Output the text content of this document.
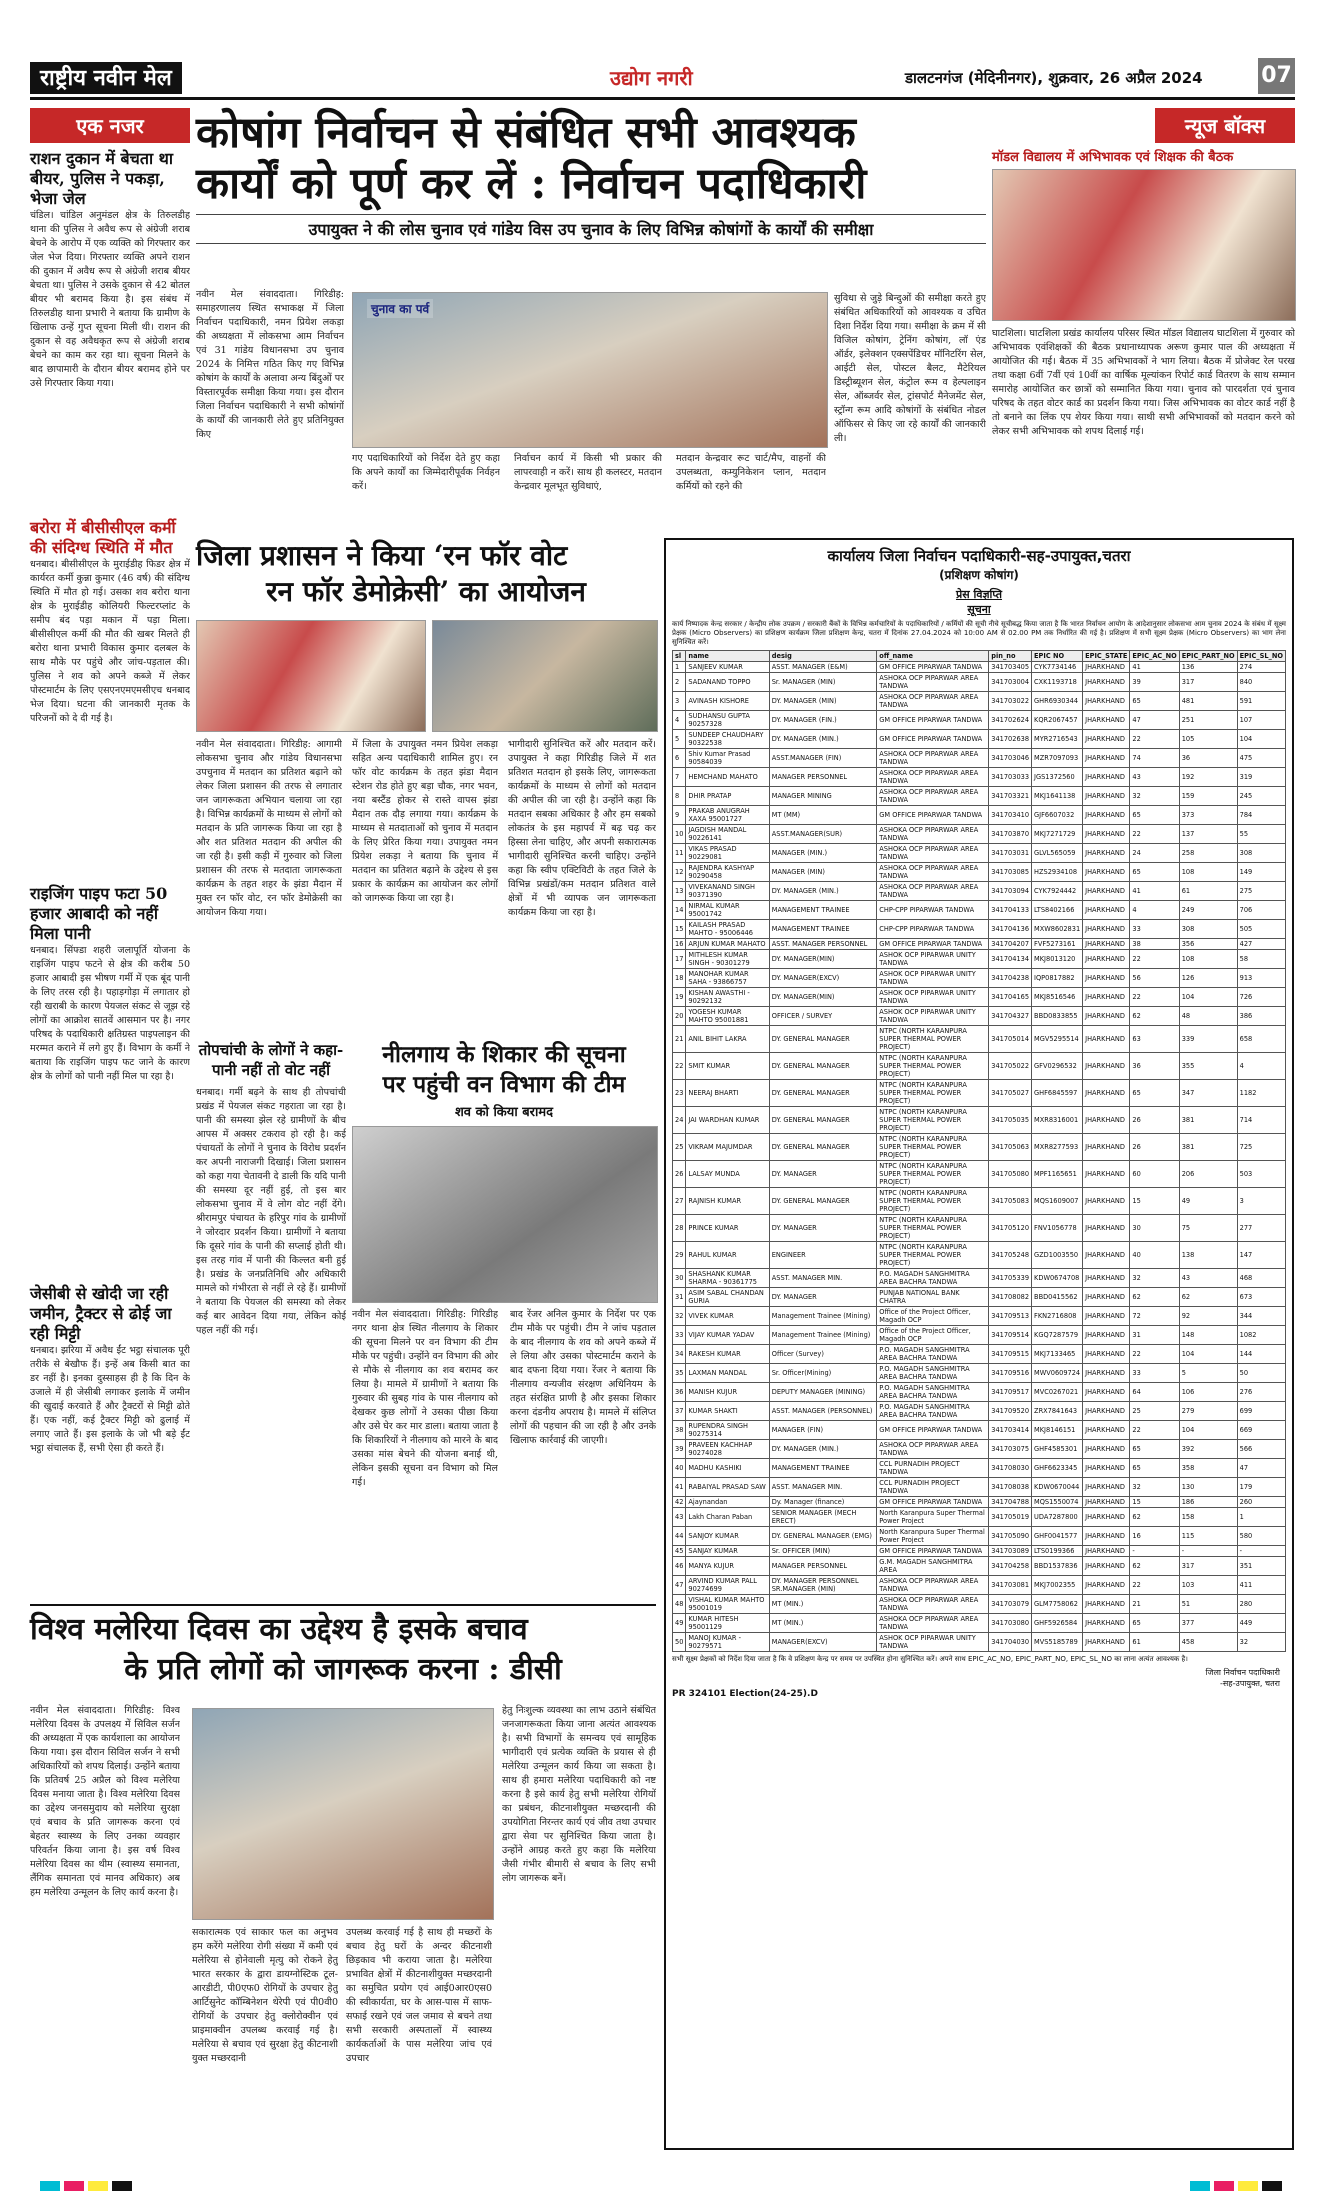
राष्ट्रीय नवीन मेल	उद्योग नगरी	डालटनगंज (मेदिनीनगर), शुक्रवार, 26 अप्रैल 2024	07
एक नजर
राशन दुकान में बेचता था बीयर, पुलिस ने पकड़ा, भेजा जेल
चंडिल। चांडिल अनुमंडल क्षेत्र के तिरुलडीह थाना की पुलिस ने अवैध रूप से अंग्रेजी शराब बेचने के आरोप में एक व्यक्ति को गिरफ्तार कर जेल भेज दिया। गिरफ्तार व्यक्ति अपने राशन की दुकान में अवैध रूप से अंग्रेजी शराब बीयर बेचता था। पुलिस ने उसके दुकान से 42 बोतल बीयर भी बरामद किया है। इस संबंध में तिरुलडीह थाना प्रभारी ने बताया कि ग्रामीण के खिलाफ उन्हें गुप्त सूचना मिली थी। राशन की दुकान से वह अवैधकृत रूप से अंग्रेजी शराब बेचने का काम कर रहा था। सूचना मिलने के बाद छापामारी के दौरान बीयर बरामद होने पर उसे गिरफ्तार किया गया।
बरोरा में बीसीसीएल कर्मी की संदिग्ध स्थिति में मौत
धनबाद। बीसीसीएल के मुराईडीह फिडर क्षेत्र में कार्यरत कर्मी कुन्ना कुमार (46 वर्ष) की संदिग्ध स्थिति में मौत हो गई। उसका शव बरोरा थाना क्षेत्र के मुराईडीह कोलियरी फिल्टरप्लांट के समीप बंद पड़ा मकान में पड़ा मिला। बीसीसीएल कर्मी की मौत की खबर मिलते ही बरोरा थाना प्रभारी विकास कुमार दलबल के साथ मौके पर पहुंचे और जांच-पड़ताल की। पुलिस ने शव को अपने कब्जे में लेकर पोस्टमार्टम के लिए एसएनएमएमसीएच धनबाद भेज दिया। घटना की जानकारी मृतक के परिजनों को दे दी गई है।
राइजिंग पाइप फटा 50 हजार आबादी को नहीं मिला पानी
धनबाद। सिंफ्डा शहरी जलापूर्ति योजना के राइजिंग पाइप फटने से क्षेत्र की करीब 50 हजार आबादी इस भीषण गर्मी में एक बूंद पानी के लिए तरस रही है। पहाड़गोड़ा में लगातार हो रही खराबी के कारण पेयजल संकट से जूझ रहे लोगों का आक्रोश सातवें आसमान पर है। नगर परिषद के पदाधिकारी क्षतिग्रस्त पाइपलाइन की मरम्मत कराने में लगे हुए हैं। विभाग के कर्मी ने बताया कि राइजिंग पाइप फट जाने के कारण क्षेत्र के लोगों को पानी नहीं मिल पा रहा है।
जेसीबी से खोदी जा रही जमीन, ट्रैक्टर से ढोई जा रही मिट्टी
धनबाद। झरिया में अवैध ईंट भट्ठा संचालक पूरी तरीके से बेखौफ हैं। इन्हें अब किसी बात का डर नहीं है। इनका दुस्साहस ही है कि दिन के उजाले में ही जेसीबी लगाकर इलाके में जमीन की खुदाई करवाते हैं और ट्रैक्टरों से मिट्टी ढोते हैं। एक नहीं, कई ट्रैक्टर मिट्टी को ढुलाई में लगाए जाते हैं। इस इलाके के जो भी बड़े ईंट भट्ठा संचालक हैं, सभी ऐसा ही करते हैं।
कोषांग निर्वाचन से संबंधित सभी आवश्यक
कार्यों को पूर्ण कर लें : निर्वाचन पदाधिकारी
उपायुक्त ने की लोस चुनाव एवं गांडेय विस उप चुनाव के लिए विभिन्न कोषांगों के कार्यों की समीक्षा
नवीन मेल संवाददाता। गिरिडीह: समाहरणालय स्थित सभाकक्ष में जिला निर्वाचन पदाधिकारी, नमन प्रियेश लकड़ा की अध्यक्षता में लोकसभा आम निर्वाचन एवं 31 गांडेय विधानसभा उप चुनाव 2024 के निमित्त गठित किए गए विभिन्न कोषांग के कार्यों के अलावा अन्य बिंदुओं पर विस्तारपूर्वक समीक्षा किया गया। इस दौरान जिला निर्वाचन पदाधिकारी ने सभी कोषांगों के कार्यों की जानकारी लेते हुए प्रतिनियुक्त किए
चुनाव का पर्व
गए पदाधिकारियों को निर्देश देते हुए कहा कि अपने कार्यों का जिम्मेदारीपूर्वक निर्वहन करें।
निर्वाचन कार्य में किसी भी प्रकार की लापरवाही न करें। साथ ही कलस्टर, मतदान केन्द्रवार मूलभूत सुविधाएं,
मतदान केन्द्रवार रूट चार्ट/मैप, वाहनों की उपलब्धता, कम्युनिकेशन प्लान, मतदान कर्मियों को रहने की
सुविधा से जुड़े बिन्दुओं की समीक्षा करते हुए संबंधित अधिकारियों को आवश्यक व उचित दिशा निर्देश दिया गया। समीक्षा के क्रम में सी विजिल कोषांग, ट्रेनिंग कोषांग, लॉ एंड ऑर्डर, इलेक्शन एक्सपेंडिचर मॉनिटरिंग सेल, आईटी सेल, पोस्टल बैलट, मैटेरियल डिस्ट्रीब्यूशन सेल, कंट्रोल रूम व हेल्पलाइन सेल, ऑब्जर्वर सेल, ट्रांसपोर्ट मैनेजमेंट सेल, स्ट्रॉन्ग रूम आदि कोषांगों के संबंधित नोडल ऑफिसर से किए जा रहे कार्यों की जानकारी ली।
न्यूज बॉक्स
मॉडल विद्यालय में अभिभावक एवं शिक्षक की बैठक
घाटशिला। घाटशिला प्रखंड कार्यालय परिसर स्थित मॉडल विद्यालय घाटशिला में गुरुवार को अभिभावक एवंशिक्षकों की बैठक प्रधानाध्यापक अरूण कुमार पाल की अध्यक्षता में आयोजित की गई। बैठक में 35 अभिभावकों ने भाग लिया। बैठक में प्रोजेक्ट रेल परख तथा कक्षा 6वीं 7वीं एवं 10वीं का वार्षिक मूल्यांकन रिपोर्ट कार्ड वितरण के साथ सम्मान समारोह आयोजित कर छात्रों को सम्मानित किया गया। चुनाव को पारदर्शता एवं चुनाव परिषद के तहत वोटर कार्ड का प्रदर्शन किया गया। जिस अभिभावक का वोटर कार्ड नहीं है तो बनाने का लिंक एप शेयर किया गया। साथी सभी अभिभावकों को मतदान करने को लेकर सभी अभिभावक को शपथ दिलाई गई।
जिला प्रशासन ने किया ‘रन फॉर वोट
रन फॉर डेमोक्रेसी’ का आयोजन
नवीन मेल संवाददाता। गिरिडीह: आगामी लोकसभा चुनाव और गांडेय विधानसभा उपचुनाव में मतदान का प्रतिशत बढ़ाने को लेकर जिला प्रशासन की तरफ से लगातार जन जागरूकता अभियान चलाया जा रहा है। विभिन्न कार्यक्रमों के माध्यम से लोगों को मतदान के प्रति जागरूक किया जा रहा है और शत प्रतिशत मतदान की अपील की जा रही है। इसी कड़ी में गुरुवार को जिला प्रशासन की तरफ से मतदाता जागरूकता कार्यक्रम के तहत शहर के झंडा मैदान में मुक्त रन फॉर वोट, रन फॉर डेमोक्रेसी का आयोजन किया गया।
में जिला के उपायुक्त नमन प्रियेश लकड़ा सहित अन्य पदाधिकारी शामिल हुए। रन फॉर वोट कार्यक्रम के तहत झंडा मैदान स्टेशन रोड होते हुए बड़ा चौक, नगर भवन, नया बस्टैंड होकर से रास्ते वापस झंडा मैदान तक दौड़ लगाया गया। कार्यक्रम के माध्यम से मतदाताओं को चुनाव में मतदान के लिए प्रेरित किया गया। उपायुक्त नमन प्रियेश लकड़ा ने बताया कि चुनाव में मतदान का प्रतिशत बढ़ाने के उद्देश्य से इस प्रकार के कार्यक्रम का आयोजन कर लोगों को जागरूक किया जा रहा है।
भागीदारी सुनिश्चित करें और मतदान करें। उपायुक्त ने कहा गिरिडीह जिले में शत प्रतिशत मतदान हो इसके लिए, जागरूकता कार्यक्रमों के माध्यम से लोगों को मतदान की अपील की जा रही है। उन्होंने कहा कि मतदान सबका अधिकार है और हम सबको लोकतंत्र के इस महापर्व में बढ़ चढ़ कर हिस्सा लेना चाहिए, और अपनी सकारात्मक भागीदारी सुनिश्चित करनी चाहिए। उन्होंने कहा कि स्वीप एक्टिविटी के तहत जिले के विभिन्न प्रखंडों/कम मतदान प्रतिशत वाले क्षेत्रों में भी व्यापक जन जागरूकता कार्यक्रम किया जा रहा है।
तोपचांची के लोगों ने कहा- पानी नहीं तो वोट नहीं
धनबाद। गर्मी बढ़ने के साथ ही तोपचांची प्रखंड में पेयजल संकट गहराता जा रहा है। पानी की समस्या झेल रहे ग्रामीणों के बीच आपस में अक्सर टकराव हो रही है। कई पंचायतों के लोगों ने चुनाव के विरोध प्रदर्शन कर अपनी नाराजगी दिखाई। जिला प्रशासन को कहा गया चेतावनी दे डाली कि यदि पानी की समस्या दूर नहीं हुई, तो इस बार लोकसभा चुनाव में वे लोग वोट नहीं देंगे। श्रीरामपुर पंचायत के हरिपुर गांव के ग्रामीणों ने जोरदार प्रदर्शन किया। ग्रामीणों ने बताया कि दूसरे गांव के पानी की सप्लाई होती थी। इस तरह गांव में पानी की किल्लत बनी हुई है। प्रखंड के जनप्रतिनिधि और अधिकारी मामले को गंभीरता से नहीं ले रहे हैं। ग्रामीणों ने बताया कि पेयजल की समस्या को लेकर कई बार आवेदन दिया गया, लेकिन कोई पहल नहीं की गई।
नीलगाय के शिकार की सूचना
पर पहुंची वन विभाग की टीम
शव को किया बरामद
नवीन मेल संवाददाता। गिरिडीह: गिरिडीह नगर थाना क्षेत्र स्थित नीलगाय के शिकार की सूचना मिलने पर वन विभाग की टीम मौके पर पहुंची। उन्होंने वन विभाग की ओर से मौके से नीलगाय का शव बरामद कर लिया है। मामले में ग्रामीणों ने बताया कि गुरुवार की सुबह गांव के पास नीलगाय को देखकर कुछ लोगों ने उसका पीछा किया और उसे घेर कर मार डाला। बताया जाता है कि शिकारियों ने नीलगाय को मारने के बाद उसका मांस बेचने की योजना बनाई थी, लेकिन इसकी सूचना वन विभाग को मिल गई।
बाद रेंजर अनिल कुमार के निर्देश पर एक टीम मौके पर पहुंची। टीम ने जांच पड़ताल के बाद नीलगाय के शव को अपने कब्जे में ले लिया और उसका पोस्टमार्टम कराने के बाद दफना दिया गया। रेंजर ने बताया कि नीलगाय वन्यजीव संरक्षण अधिनियम के तहत संरक्षित प्राणी है और इसका शिकार करना दंडनीय अपराध है। मामले में संलिप्त लोगों की पहचान की जा रही है और उनके खिलाफ कार्रवाई की जाएगी।
विश्व मलेरिया दिवस का उद्देश्य है इसके बचाव
के प्रति लोगों को जागरूक करना : डीसी
नवीन मेल संवाददाता। गिरिडीह: विश्व मलेरिया दिवस के उपलक्ष्य में सिविल सर्जन की अध्यक्षता में एक कार्यशाला का आयोजन किया गया। इस दौरान सिविल सर्जन ने सभी अधिकारियों को शपथ दिलाई। उन्होंने बताया कि प्रतिवर्ष 25 अप्रैल को विश्व मलेरिया दिवस मनाया जाता है। विश्व मलेरिया दिवस का उद्देश्य जनसमुदाय को मलेरिया सुरक्षा एवं बचाव के प्रति जागरूक करना एवं बेहतर स्वास्थ्य के लिए उनका व्यवहार परिवर्तन किया जाना है। इस वर्ष विश्व मलेरिया दिवस का थीम (स्वास्थ्य समानता, लैंगिक समानता एवं मानव अधिकार) अब हम मलेरिया उन्मूलन के लिए कार्य करना है।
सकारात्मक एवं साकार फल का अनुभव हम करेंगे मलेरिया रोगी संख्या में कमी एवं मलेरिया से होनेवाली मृत्यु को रोकने हेतु भारत सरकार के द्वारा डायग्नोस्टिक टूल-आरडीटी, पी0एफ0 रोगियों के उपचार हेतु आर्टिसुनेट कॉम्बिनेशन थेरेपी एवं पी0वी0 रोगियों के उपचार हेतु क्लोरोक्वीन एवं प्राइमाक्वीन उपलब्ध करवाई गई है। मलेरिया से बचाव एवं सुरक्षा हेतु कीटनाशी युक्त मच्छरदानी
उपलब्ध करवाई गई है साथ ही मच्छरों के बचाव हेतु घरों के अन्दर कीटनाशी छिड़काव भी कराया जाता है। मलेरिया प्रभावित क्षेत्रों में कीटनाशीयुक्त मच्छरदानी का समुचित प्रयोग एवं आई0आर0एस0 की स्वीकार्यता, घर के आस-पास में साफ-सफाई रखने एवं जल जमाव से बचने तथा सभी सरकारी अस्पतालों में स्वास्थ्य कार्यकर्ताओं के पास मलेरिया जांच एवं उपचार
हेतु निःशुल्क व्यवस्था का लाभ उठाने संबंधित जनजागरूकता किया जाना अत्यंत आवश्यक है। सभी विभागों के समन्वय एवं सामूहिक भागीदारी एवं प्रत्येक व्यक्ति के प्रयास से ही मलेरिया उन्मूलन कार्य किया जा सकता है। साथ ही हमारा मलेरिया पदाधिकारी को नष्ट करना है इसे कार्य हेतु सभी मलेरिया रोगियों का प्रबंधन, कीटनाशीयुक्त मच्छरदानी की उपयोगिता निरन्तर कार्य एवं जीव तथा उपचार द्वारा सेवा पर सुनिश्चित किया जाता है। उन्होंने आग्रह करते हुए कहा कि मलेरिया जैसी गंभीर बीमारी से बचाव के लिए सभी लोग जागरूक बनें।
कार्यालय जिला निर्वाचन पदाधिकारी-सह-उपायुक्त,चतरा
(प्रशिक्षण कोषांग)
प्रेस विज्ञप्ति
सूचना
कार्य निष्पादक केन्द्र सरकार / केन्द्रीय लोक उपक्रम / सरकारी बैंकों के विभिन्न कर्मचारियों के पदाधिकारियों / कर्मियों की सूची नीचे सूचीबद्ध किया जाता है कि भारत निर्वाचन आयोग के आदेशानुसार लोकसभा आम चुनाव 2024 के संबंध में सूक्ष्म प्रेक्षक (Micro Observers) का प्रशिक्षण कार्यक्रम जिला प्रशिक्षण केन्द्र, चतरा में दिनांक 27.04.2024 को 10:00 AM से 02.00 PM तक निर्धारित की गई है। प्रशिक्षण में सभी सूक्ष्म प्रेक्षक (Micro Observers) का भाग लेना सुनिश्चित करें।
sl	name	desig	off_name	pin_no	EPIC NO	EPIC_STATE	EPIC_AC_NO	EPIC_PART_NO	EPIC_SL_NO
1	SANJEEV KUMAR	ASST. MANAGER (E&M)	GM OFFICE PIPARWAR TANDWA	341703405	CYK7734146	JHARKHAND	41	136	274
2	SADANAND TOPPO	Sr. MANAGER (MIN)	ASHOKA OCP PIPARWAR AREA TANDWA	341703004	CXK1193718	JHARKHAND	39	317	840
3	AVINASH KISHORE	DY. MANAGER (MIN)	ASHOKA OCP PIPARWAR AREA TANDWA	341703022	GHR6930344	JHARKHAND	65	481	591
4	SUDHANSU GUPTA 90257328	DY. MANAGER (FIN.)	GM OFFICE PIPARWAR TANDWA	341702624	KQR2067457	JHARKHAND	47	251	107
5	SUNDEEP CHAUDHARY 90322538	DY. MANAGER (MIN.)	GM OFFICE PIPARWAR TANDWA	341702638	MYR2716543	JHARKHAND	22	105	104
6	Shiv Kumar Prasad 90584039	ASST.MANAGER (FIN)	ASHOKA OCP PIPARWAR AREA TANDWA	341703046	MZR7097093	JHARKHAND	74	36	475
7	HEMCHAND MAHATO	MANAGER PERSONNEL	ASHOKA OCP PIPARWAR AREA TANDWA	341703033	JGS1372560	JHARKHAND	43	192	319
8	DHIR PRATAP	MANAGER MINING	ASHOKA OCP PIPARWAR AREA TANDWA	341703321	MKJ1641138	JHARKHAND	32	159	245
9	PRAKAB ANUGRAH XAXA 95001727	MT (MM)	GM OFFICE PIPARWAR TANDWA	341703410	GJF6607032	JHARKHAND	65	373	784
10	JAGDISH MANDAL 90226141	ASST.MANAGER(SUR)	ASHOKA OCP PIPARWAR AREA TANDWA	341703870	MKJ7271729	JHARKHAND	22	137	55
11	VIKAS PRASAD 90229081	MANAGER (MIN.)	ASHOKA OCP PIPARWAR AREA TANDWA	341703031	GLVL565059	JHARKHAND	24	258	308
12	RAJENDRA KASHYAP 90290458	MANAGER (MIN)	ASHOKA OCP PIPARWAR AREA TANDWA	341703085	HZS2934108	JHARKHAND	65	108	149
13	VIVEKANAND SINGH 90371390	DY. MANAGER (MIN.)	ASHOKA OCP PIPARWAR AREA TANDWA	341703094	CYK7924442	JHARKHAND	41	61	275
14	NIRMAL KUMAR 95001742	MANAGEMENT TRAINEE	CHP-CPP PIPARWAR TANDWA	341704133	LTS8402166	JHARKHAND	4	249	706
15	KAILASH PRASAD MAHTO - 95006446	MANAGEMENT TRAINEE	CHP-CPP PIPARWAR TANDWA	341704136	MXW8602831	JHARKHAND	33	308	505
16	ARJUN KUMAR MAHATO	ASST. MANAGER PERSONNEL	GM OFFICE PIPARWAR TANDWA	341704207	FVF5273161	JHARKHAND	38	356	427
17	MITHLESH KUMAR SINGH - 90301279	DY. MANAGER(MIN)	ASHOK OCP PIPARWAR UNITY TANDWA	341704134	MKJ8013120	JHARKHAND	22	108	58
18	MANOHAR KUMAR SAHA - 93866757	DY. MANAGER(EXCV)	ASHOK OCP PIPARWAR UNITY TANDWA	341704238	IQP0817882	JHARKHAND	56	126	913
19	KISHAN AWASTHI - 90292132	DY. MANAGER(MIN)	ASHOK OCP PIPARWAR UNITY TANDWA	341704165	MKJ8516546	JHARKHAND	22	104	726
20	YOGESH KUMAR MAHTO 95001881	OFFICER / SURVEY	ASHOK OCP PIPARWAR UNITY TANDWA	341704327	BBD0833855	JHARKHAND	62	48	386
21	ANIL BIHIT LAKRA	DY. GENERAL MANAGER	NTPC (NORTH KARANPURA SUPER THERMAL POWER PROJECT)	341705014	MGV5295514	JHARKHAND	63	339	658
22	SMIT KUMAR	DY. GENERAL MANAGER	NTPC (NORTH KARANPURA SUPER THERMAL POWER PROJECT)	341705022	GFV0296532	JHARKHAND	36	355	4
23	NEERAJ BHARTI	DY. GENERAL MANAGER	NTPC (NORTH KARANPURA SUPER THERMAL POWER PROJECT)	341705027	GHF6845597	JHARKHAND	65	347	1182
24	JAI WARDHAN KUMAR	DY. GENERAL MANAGER	NTPC (NORTH KARANPURA SUPER THERMAL POWER PROJECT)	341705035	MXR8316001	JHARKHAND	26	381	714
25	VIKRAM MAJUMDAR	DY. GENERAL MANAGER	NTPC (NORTH KARANPURA SUPER THERMAL POWER PROJECT)	341705063	MXR8277593	JHARKHAND	26	381	725
26	LALSAY MUNDA	DY. MANAGER	NTPC (NORTH KARANPURA SUPER THERMAL POWER PROJECT)	341705080	MPF1165651	JHARKHAND	60	206	503
27	RAJNISH KUMAR	DY. GENERAL MANAGER	NTPC (NORTH KARANPURA SUPER THERMAL POWER PROJECT)	341705083	MQS1609007	JHARKHAND	15	49	3
28	PRINCE KUMAR	DY. MANAGER	NTPC (NORTH KARANPURA SUPER THERMAL POWER PROJECT)	341705120	FNV1056778	JHARKHAND	30	75	277
29	RAHUL KUMAR	ENGINEER	NTPC (NORTH KARANPURA SUPER THERMAL POWER PROJECT)	341705248	GZD1003550	JHARKHAND	40	138	147
30	SHASHANK KUMAR SHARMA - 90361775	ASST. MANAGER MIN.	P.O. MAGADH SANGHMITRA AREA BACHRA TANDWA	341705339	KDW0674708	JHARKHAND	32	43	468
31	ASIM SABAL CHANDAN GURIA	DY. MANAGER	PUNJAB NATIONAL BANK CHATRA	341708082	BBD0415562	JHARKHAND	62	62	673
32	VIVEK KUMAR	Management Trainee (Mining)	Office of the Project Officer, Magadh OCP	341709513	FKN2716808	JHARKHAND	72	92	344
33	VIJAY KUMAR YADAV	Management Trainee (Mining)	Office of the Project Officer, Magadh OCP	341709514	KGQ7287579	JHARKHAND	31	148	1082
34	RAKESH KUMAR	Officer (Survey)	P.O. MAGADH SANGHMITRA AREA BACHRA TANDWA	341709515	MKJ7133465	JHARKHAND	22	104	144
35	LAXMAN MANDAL	Sr. Officer(Mining)	P.O. MAGADH SANGHMITRA AREA BACHRA TANDWA	341709516	MWV0609724	JHARKHAND	33	5	50
36	MANISH KUJUR	DEPUTY MANAGER (MINING)	P.O. MAGADH SANGHMITRA AREA BACHRA TANDWA	341709517	MVC0267021	JHARKHAND	64	106	276
37	KUMAR SHAKTI	ASST. MANAGER (PERSONNEL)	P.O. MAGADH SANGHMITRA AREA BACHRA TANDWA	341709520	ZRX7841643	JHARKHAND	25	279	699
38	RUPENDRA SINGH 90275314	MANAGER (FIN)	GM OFFICE PIPARWAR TANDWA	341703414	MKJ8146151	JHARKHAND	22	104	669
39	PRAVEEN KACHHAP 90274028	DY. MANAGER (MIN.)	ASHOKA OCP PIPARWAR AREA TANDWA	341703075	GHF4585301	JHARKHAND	65	392	566
40	MADHU KASHIKI	MANAGEMENT TRAINEE	CCL PURNADIH PROJECT TANDWA	341708030	GHF6623345	JHARKHAND	65	358	47
41	RABAIYAL PRASAD SAW	ASST. MANAGER MIN.	CCL PURNADIH PROJECT TANDWA	341708038	KDW0670044	JHARKHAND	32	130	179
42	Ajaynandan	Dy. Manager (finance)	GM OFFICE PIPARWAR TANDWA	341704788	MQS1550074	JHARKHAND	15	186	260
43	Lakh Charan Paban	SENIOR MANAGER (MECH ERECT)	North Karanpura Super Thermal Power Project	341705019	UDA7287800	JHARKHAND	62	158	1
44	SANJOY KUMAR	DY. GENERAL MANAGER (EMG)	North Karanpura Super Thermal Power Project	341705090	GHF0041577	JHARKHAND	16	115	580
45	SANJAY KUMAR	Sr. OFFICER (MIN)	GM OFFICE PIPARWAR TANDWA	341703089	LTS0199366	JHARKHAND	-	-	-
46	MANYA KUJUR	MANAGER PERSONNEL	G.M. MAGADH SANGHMITRA AREA	341704258	BBD1537836	JHARKHAND	62	317	351
47	ARVIND KUMAR PALL 90274699	DY. MANAGER PERSONNEL SR.MANAGER (MIN)	ASHOKA OCP PIPARWAR AREA TANDWA	341703081	MKJ7002355	JHARKHAND	22	103	411
48	VISHAL KUMAR MAHTO 95001019	MT (MIN.)	ASHOKA OCP PIPARWAR AREA TANDWA	341703079	GLM7758062	JHARKHAND	21	51	280
49	KUMAR HITESH 95001129	MT (MIN.)	ASHOKA OCP PIPARWAR AREA TANDWA	341703080	GHF5926584	JHARKHAND	65	377	449
50	MANOJ KUMAR - 90279571	MANAGER(EXCV)	ASHOK OCP PIPARWAR UNITY TANDWA	341704030	MVS5185789	JHARKHAND	61	458	32
सभी सूक्ष्म प्रेक्षकों को निर्देश दिया जाता है कि वे प्रशिक्षण केन्द्र पर समय पर उपस्थित होना सुनिश्चित करें। अपने साथ EPIC_AC_NO, EPIC_PART_NO, EPIC_SL_NO का लाना अत्यंत आवश्यक है।
जिला निर्वाचन पदाधिकारी
-सह-उपायुक्त, चतरा
PR 324101 Election(24-25).D
